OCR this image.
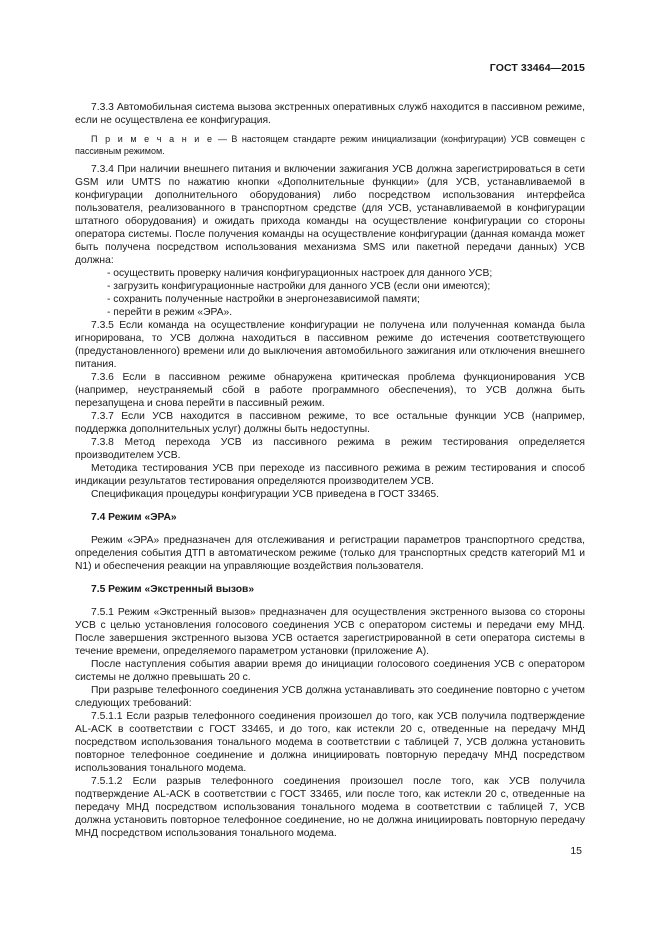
ГОСТ 33464—2015

7.3.3 Автомобильная система вызова экстренных оперативных служб находится в пассивном режиме, если не осуществлена ее конфигурация.

П р и м е ч а н и е — В настоящем стандарте режим инициализации (конфигурации) УСВ совмещен с пассивным режимом.

7.3.4 При наличии внешнего питания и включении зажигания УСВ должна зарегистрироваться в сети GSM или UMTS по нажатию кнопки «Дополнительные функции» (для УСВ, устанавливаемой в конфигурации дополнительного оборудования) либо посредством использования интерфейса пользователя, реализованного в транспортном средстве (для УСВ, устанавливаемой в конфигурации штатного оборудования) и ожидать прихода команды на осуществление конфигурации со стороны оператора системы. После получения команды на осуществление конфигурации (данная команда может быть получена посредством использования механизма SMS или пакетной передачи данных) УСВ должна:

- осуществить проверку наличия конфигурационных настроек для данного УСВ;

- загрузить конфигурационные настройки для данного УСВ (если они имеются);

- сохранить полученные настройки в энергонезависимой памяти;

- перейти в режим «ЭРА».

7.3.5 Если команда на осуществление конфигурации не получена или полученная команда была игнорирована, то УСВ должна находиться в пассивном режиме до истечения соответствующего (предустановленного) времени или до выключения автомобильного зажигания или отключения внешнего питания.

7.3.6 Если в пассивном режиме обнаружена критическая проблема функционирования УСВ (например, неустраняемый сбой в работе программного обеспечения), то УСВ должна быть перезапущена и снова перейти в пассивный режим.

7.3.7 Если УСВ находится в пассивном режиме, то все остальные функции УСВ (например, поддержка дополнительных услуг) должны быть недоступны.

7.3.8 Метод перехода УСВ из пассивного режима в режим тестирования определяется производителем УСВ.

Методика тестирования УСВ при переходе из пассивного режима в режим тестирования и способ индикации результатов тестирования определяются производителем УСВ.

Спецификация процедуры конфигурации УСВ приведена в ГОСТ 33465.

7.4 Режим «ЭРА»

Режим «ЭРА» предназначен для отслеживания и регистрации параметров транспортного средства, определения события ДТП в автоматическом режиме (только для транспортных средств категорий M1 и N1) и обеспечения реакции на управляющие воздействия пользователя.

7.5 Режим «Экстренный вызов»

7.5.1 Режим «Экстренный вызов» предназначен для осуществления экстренного вызова со стороны УСВ с целью установления голосового соединения УСВ с оператором системы и передачи ему МНД. После завершения экстренного вызова УСВ остается зарегистрированной в сети оператора системы в течение времени, определяемого параметром установки (приложение А).

После наступления события аварии время до инициации голосового соединения УСВ с оператором системы не должно превышать 20 с.

При разрыве телефонного соединения УСВ должна устанавливать это соединение повторно с учетом следующих требований:

7.5.1.1 Если разрыв телефонного соединения произошел до того, как УСВ получила подтверждение AL-ACK в соответствии с ГОСТ 33465, и до того, как истекли 20 с, отведенные на передачу МНД посредством использования тонального модема в соответствии с таблицей 7, УСВ должна установить повторное телефонное соединение и должна инициировать повторную передачу МНД посредством использования тонального модема.

7.5.1.2 Если разрыв телефонного соединения произошел после того, как УСВ получила подтверждение AL-ACK в соответствии с ГОСТ 33465, или после того, как истекли 20 с, отведенные на передачу МНД посредством использования тонального модема в соответствии с таблицей 7, УСВ должна установить повторное телефонное соединение, но не должна инициировать повторную передачу МНД посредством использования тонального модема.

15
